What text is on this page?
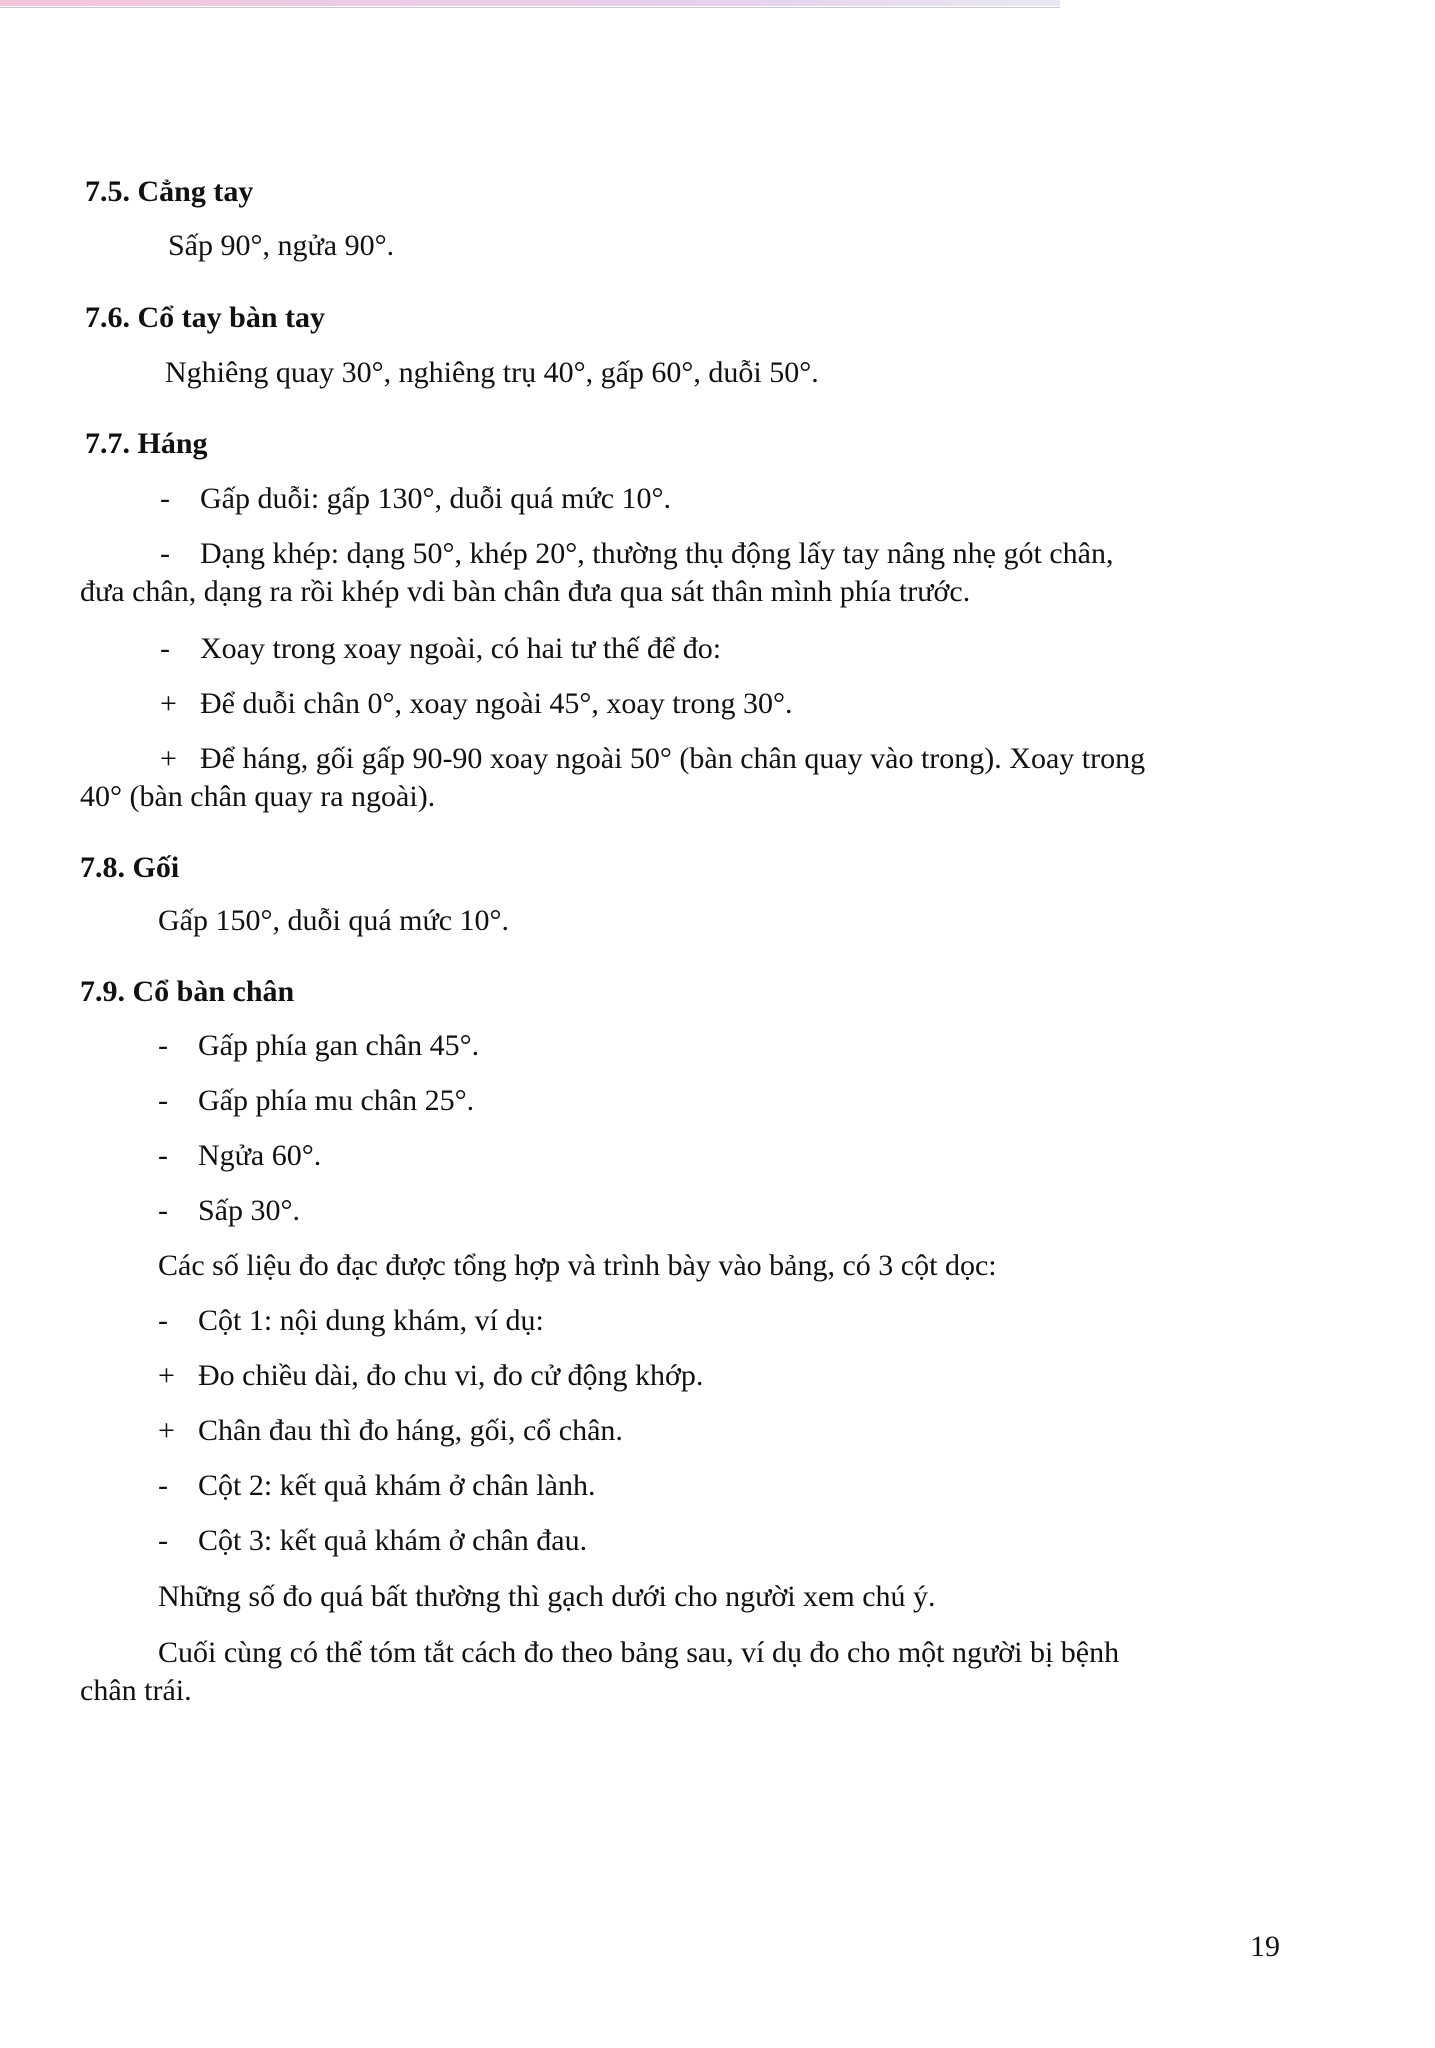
7.5. Cẳng tay

Sấp 90°, ngửa 90°.

7.6. Cổ tay bàn tay

Nghiêng quay 30°, nghiêng trụ 40°, gấp 60°, duỗi 50°.

7.7. Háng

- Gấp duỗi: gấp 130°, duỗi quá mức 10°.

- Dạng khép: dạng 50°, khép 20°, thường thụ động lấy tay nâng nhẹ gót chân,

đưa chân, dạng ra rồi khép vdi bàn chân đưa qua sát thân mình phía trước.

- Xoay trong xoay ngoài, có hai tư thế để đo:

+ Để duỗi chân 0°, xoay ngoài 45°, xoay trong 30°.

+ Để háng, gối gấp 90-90 xoay ngoài 50° (bàn chân quay vào trong). Xoay trong

40° (bàn chân quay ra ngoài).

7.8. Gối

Gấp 150°, duỗi quá mức 10°.

7.9. Cổ bàn chân

- Gấp phía gan chân 45°.

- Gấp phía mu chân 25°.

- Ngửa 60°.

- Sấp 30°.

Các số liệu đo đạc được tổng hợp và trình bày vào bảng, có 3 cột dọc:

- Cột 1: nội dung khám, ví dụ:

+ Đo chiều dài, đo chu vi, đo cử động khớp.

+ Chân đau thì đo háng, gối, cổ chân.

- Cột 2: kết quả khám ở chân lành.

- Cột 3: kết quả khám ở chân đau.

Những số đo quá bất thường thì gạch dưới cho người xem chú ý.

Cuối cùng có thể tóm tắt cách đo theo bảng sau, ví dụ đo cho một người bị bệnh

chân trái.

19
